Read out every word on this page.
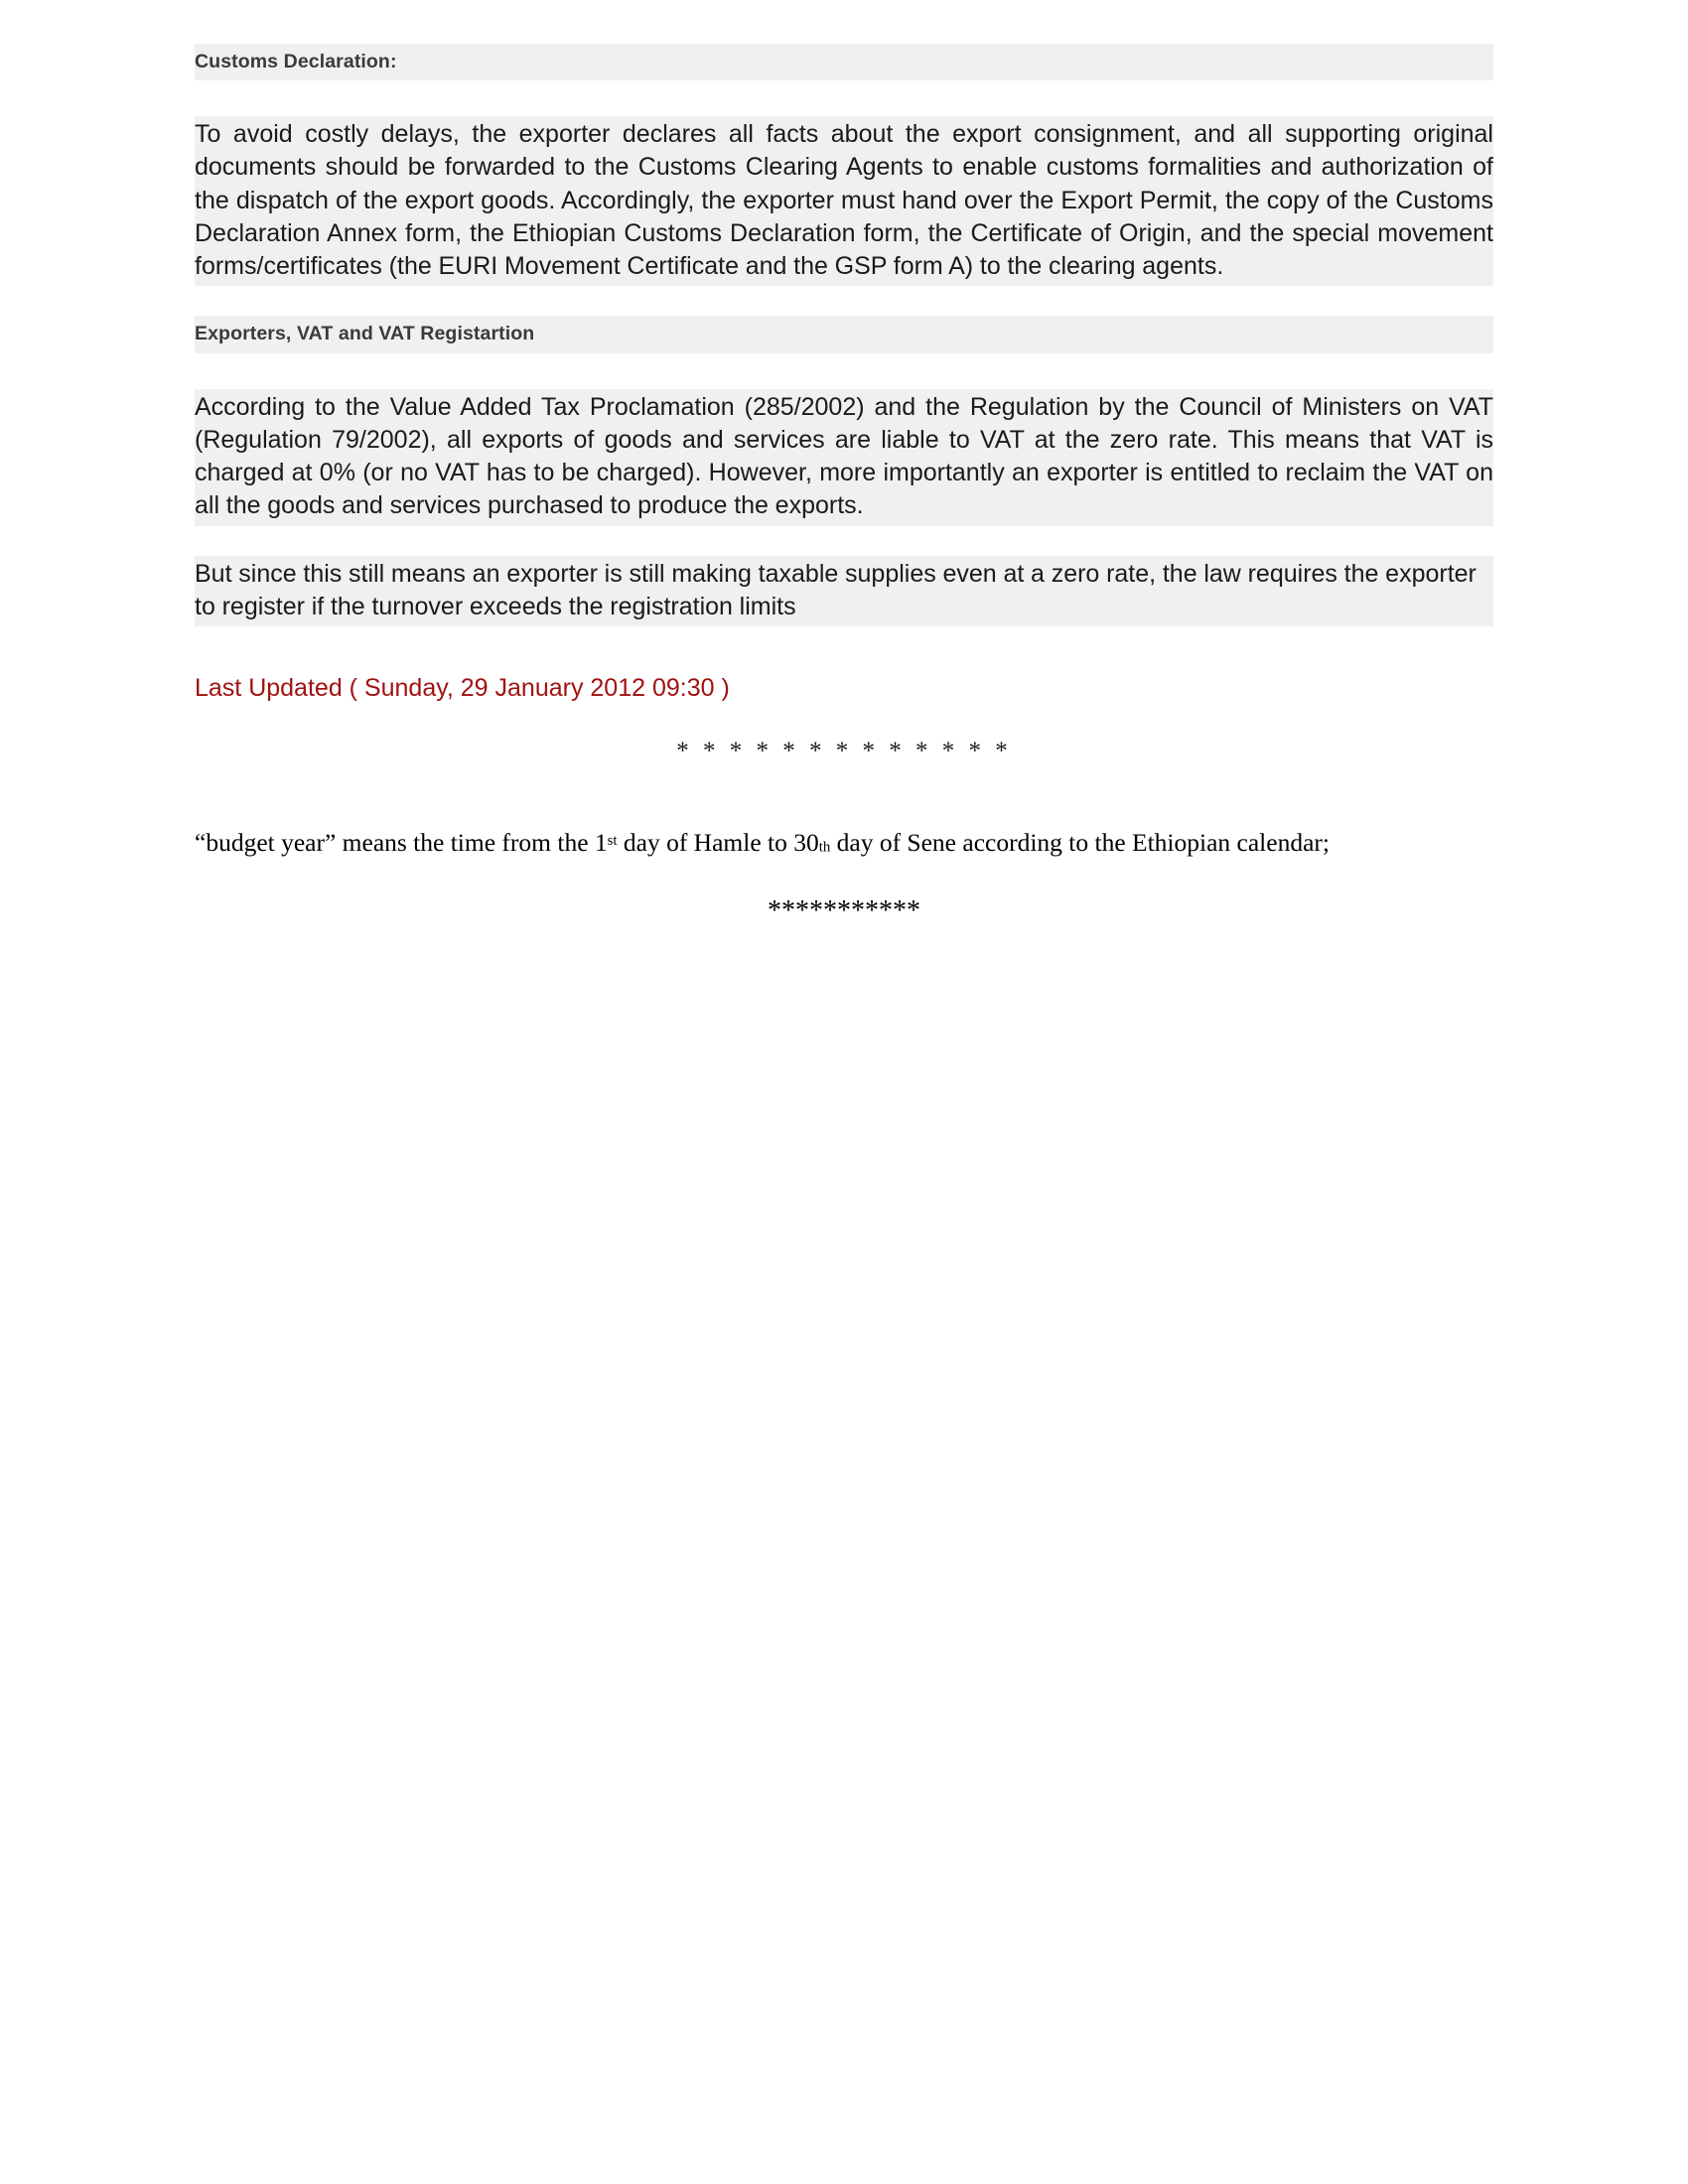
Customs Declaration:
To avoid costly delays, the exporter declares all facts about the export consignment, and all supporting original documents should be forwarded to the Customs Clearing Agents to enable customs formalities and authorization of the dispatch of the export goods. Accordingly, the exporter must hand over the Export Permit, the copy of the Customs Declaration Annex form, the Ethiopian Customs Declaration form, the Certificate of Origin, and the special movement forms/certificates (the EURI Movement Certificate and the GSP form A) to the clearing agents.
Exporters, VAT and VAT Registartion
According to the Value Added Tax Proclamation (285/2002) and the Regulation by the Council of Ministers on VAT (Regulation 79/2002), all exports of goods and services are liable to VAT at the zero rate. This means that VAT is charged at 0% (or no VAT has to be charged). However, more importantly an exporter is entitled to reclaim the VAT on all the goods and services purchased to produce the exports.
But since this still means an exporter is still making taxable supplies even at a zero rate, the law requires the exporter to register if the turnover exceeds the registration limits
Last Updated ( Sunday, 29 January 2012 09:30 )
* * * * * * * * * * * * *
“budget year” means the time from the 1st day of Hamle to 30th day of Sene according to the Ethiopian calendar;
***********
